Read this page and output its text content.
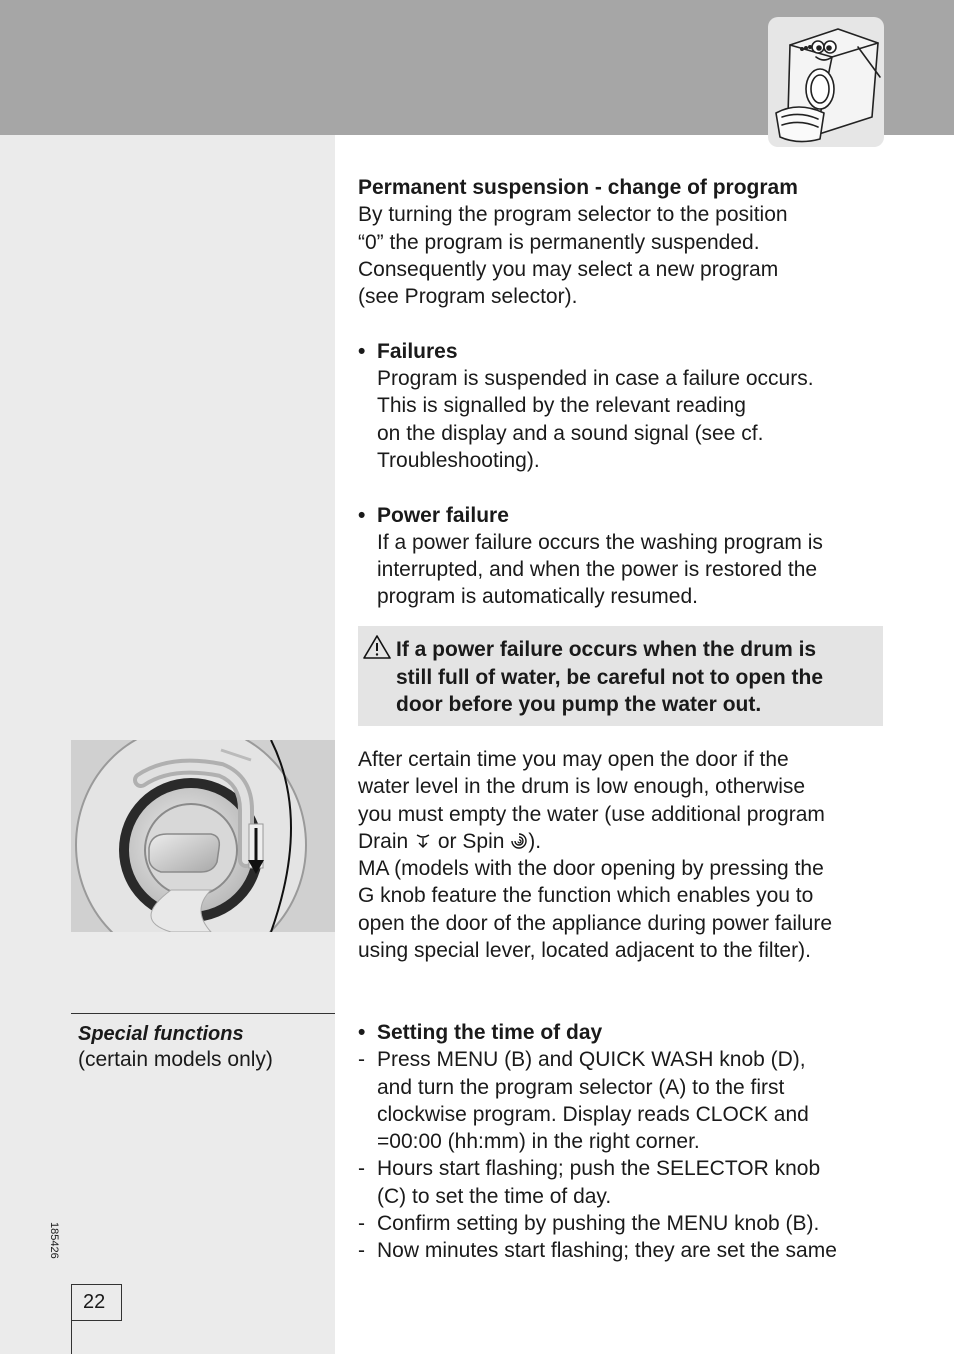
Special functions
(certain models only)
185426
22

Permanent suspension - change of program

By turning the program selector to the position

“0” the program is permanently suspended.

Consequently you may select a new program

(see Program selector).

• Failures

Program is suspended in case a failure occurs.

This is signalled by the relevant reading

on the display and a sound signal (see cf.

Troubleshooting).

• Power failure

If a power failure occurs the washing program is

interrupted, and when the power is restored the

program is automatically resumed.

If a power failure occurs when the drum is
still full of water, be careful not to open the
door before you pump the water out.

After certain time you may open the door if the

water level in the drum is low enough, otherwise

you must empty the water (use additional program

Drain or Spin ).

MA (models with the door opening by pressing the

G knob feature the function which enables you to

open the door of the appliance during power failure

using special lever, located adjacent to the filter).

• Setting the time of day

- Press MENU (B) and QUICK WASH knob (D),

and turn the program selector (A) to the first

clockwise program. Display reads CLOCK and

=00:00 (hh:mm) in the right corner.

- Hours start flashing; push the SELECTOR knob

(C) to set the time of day.

- Confirm setting by pushing the MENU knob (B).

- Now minutes start flashing; they are set the same
